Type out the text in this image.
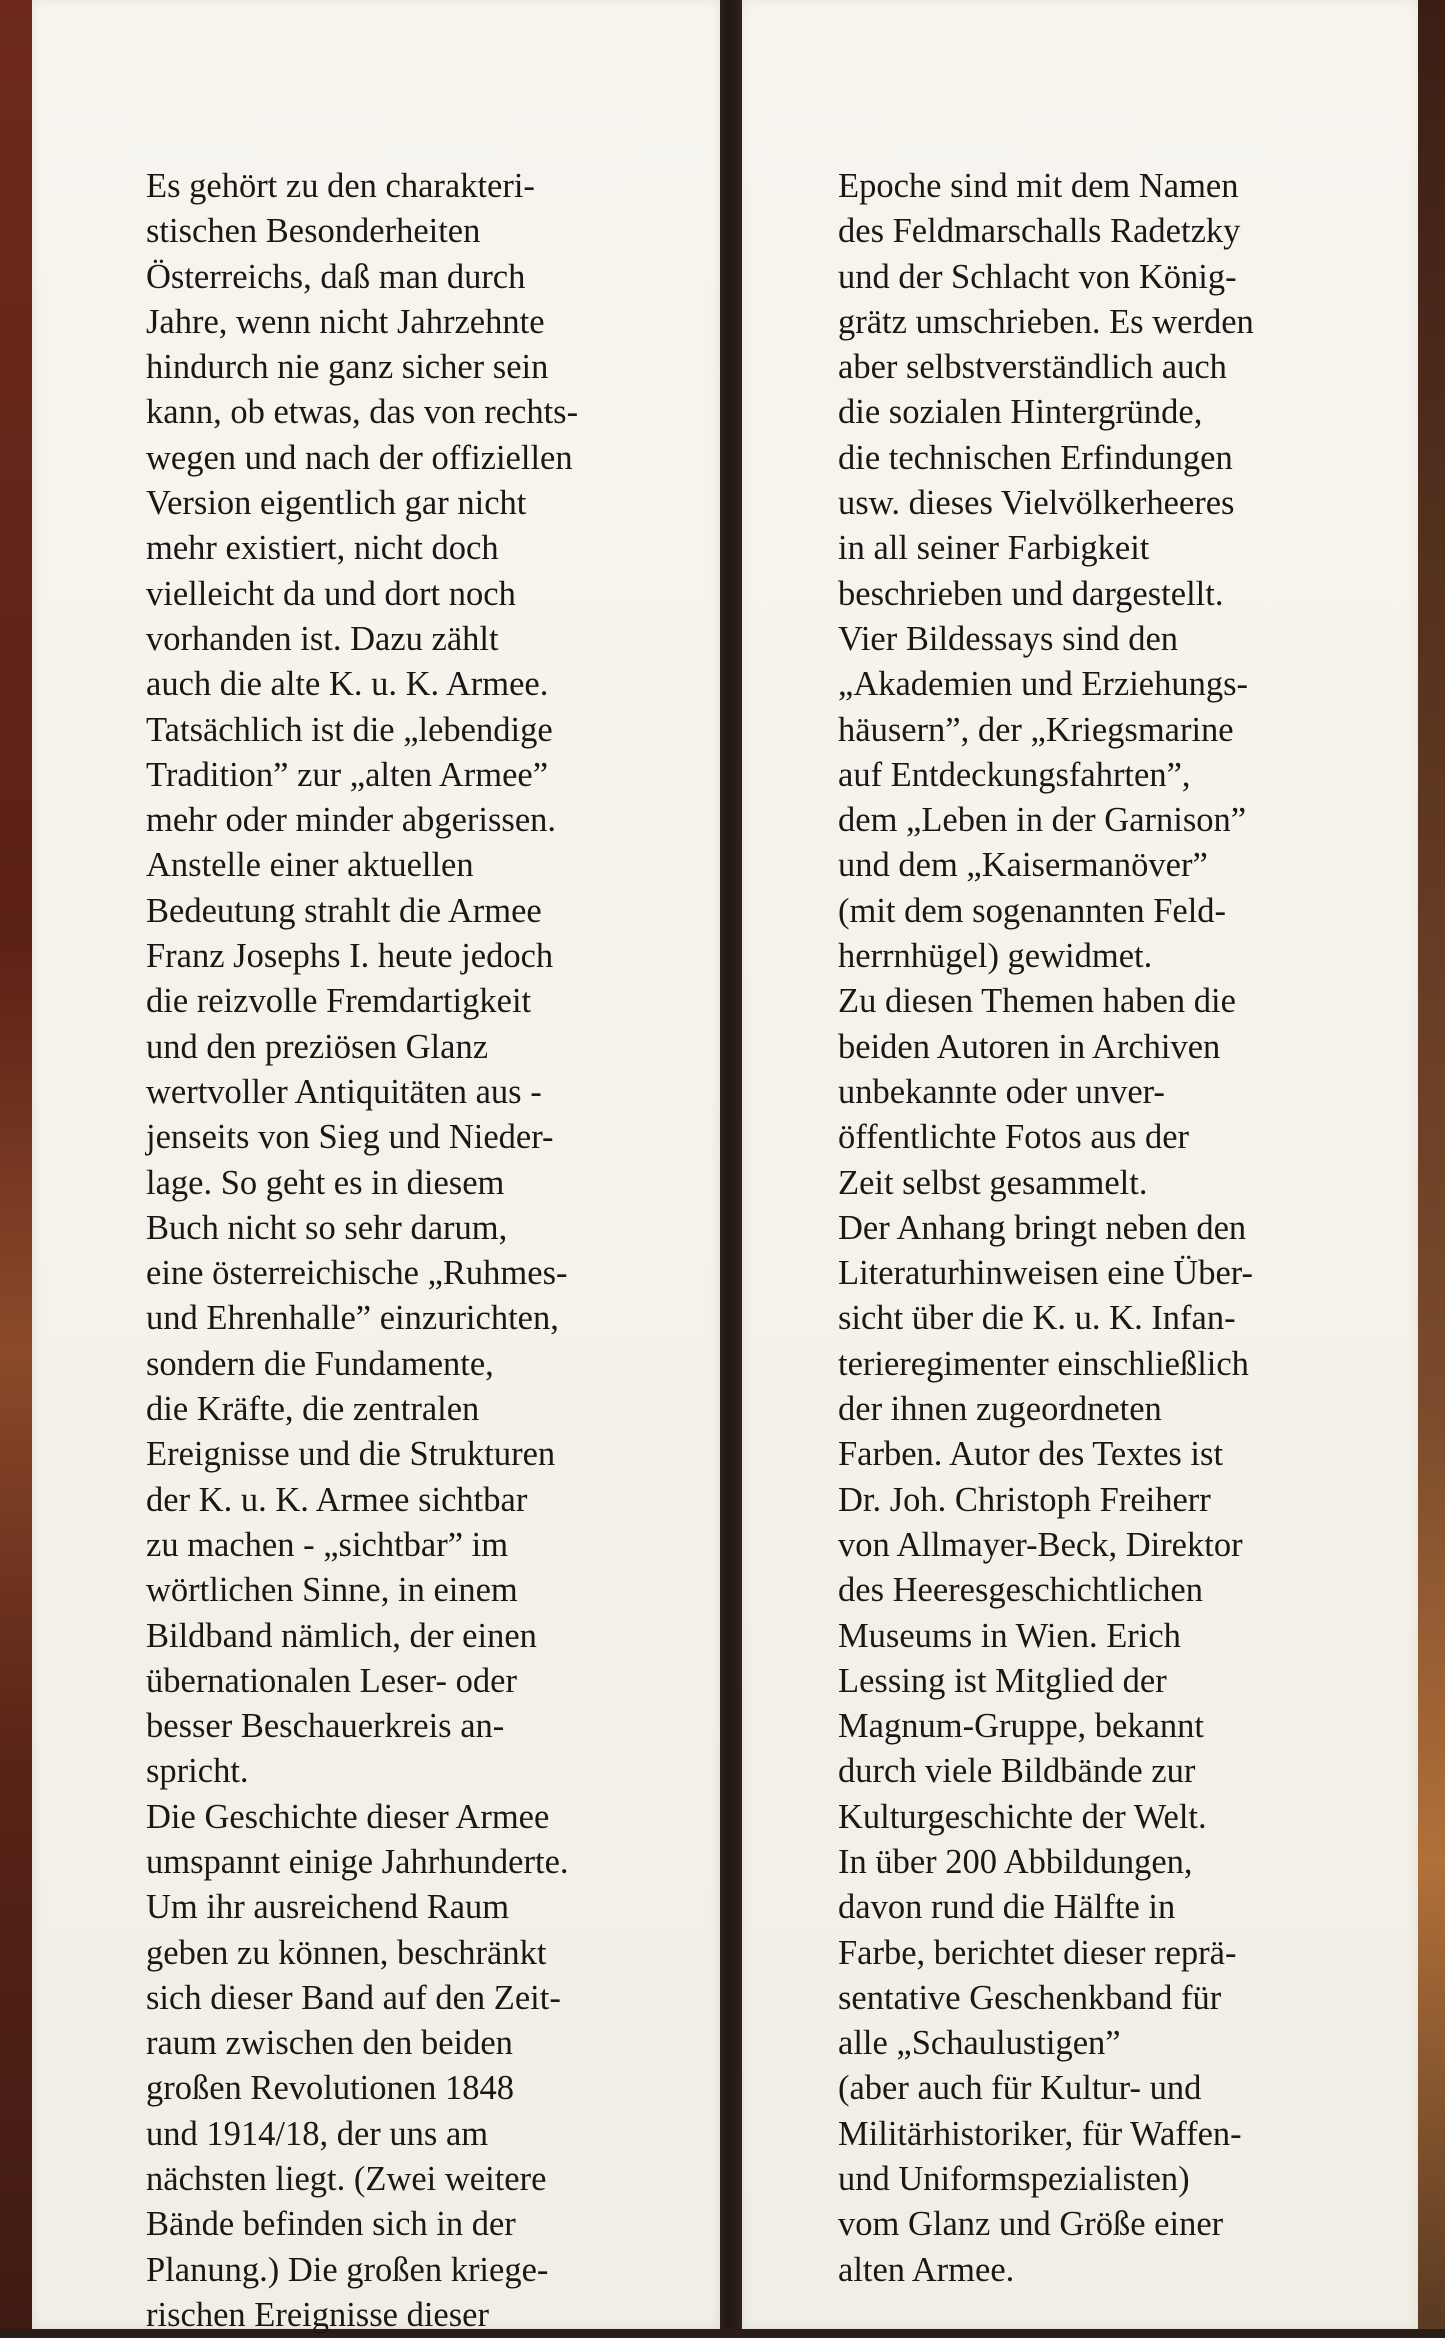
Es gehört zu den charakteri-
stischen Besonderheiten
Österreichs, daß man durch
Jahre, wenn nicht Jahrzehnte
hindurch nie ganz sicher sein
kann, ob etwas, das von rechts-
wegen und nach der offiziellen
Version eigentlich gar nicht
mehr existiert, nicht doch
vielleicht da und dort noch
vorhanden ist. Dazu zählt
auch die alte K. u. K. Armee.
Tatsächlich ist die „lebendige
Tradition” zur „alten Armee”
mehr oder minder abgerissen.
Anstelle einer aktuellen
Bedeutung strahlt die Armee
Franz Josephs I. heute jedoch
die reizvolle Fremdartigkeit
und den preziösen Glanz
wertvoller Antiquitäten aus -
jenseits von Sieg und Nieder-
lage. So geht es in diesem
Buch nicht so sehr darum,
eine österreichische „Ruhmes-
und Ehrenhalle” einzurichten,
sondern die Fundamente,
die Kräfte, die zentralen
Ereignisse und die Strukturen
der K. u. K. Armee sichtbar
zu machen - „sichtbar” im
wörtlichen Sinne, in einem
Bildband nämlich, der einen
übernationalen Leser- oder
besser Beschauerkreis an-
spricht.
Die Geschichte dieser Armee
umspannt einige Jahrhunderte.
Um ihr ausreichend Raum
geben zu können, beschränkt
sich dieser Band auf den Zeit-
raum zwischen den beiden
großen Revolutionen 1848
und 1914/18, der uns am
nächsten liegt. (Zwei weitere
Bände befinden sich in der
Planung.) Die großen kriege-
rischen Ereignisse dieser
Epoche sind mit dem Namen
des Feldmarschalls Radetzky
und der Schlacht von König-
grätz umschrieben. Es werden
aber selbstverständlich auch
die sozialen Hintergründe,
die technischen Erfindungen
usw. dieses Vielvölkerheeres
in all seiner Farbigkeit
beschrieben und dargestellt.
Vier Bildessays sind den
„Akademien und Erziehungs-
häusern”, der „Kriegsmarine
auf Entdeckungsfahrten”,
dem „Leben in der Garnison”
und dem „Kaisermanöver”
(mit dem sogenannten Feld-
herrnhügel) gewidmet.
Zu diesen Themen haben die
beiden Autoren in Archiven
unbekannte oder unver-
öffentlichte Fotos aus der
Zeit selbst gesammelt.
Der Anhang bringt neben den
Literaturhinweisen eine Über-
sicht über die K. u. K. Infan-
terieregimenter einschließlich
der ihnen zugeordneten
Farben. Autor des Textes ist
Dr. Joh. Christoph Freiherr
von Allmayer-Beck, Direktor
des Heeresgeschichtlichen
Museums in Wien. Erich
Lessing ist Mitglied der
Magnum-Gruppe, bekannt
durch viele Bildbände zur
Kulturgeschichte der Welt.
In über 200 Abbildungen,
davon rund die Hälfte in
Farbe, berichtet dieser reprä-
sentative Geschenkband für
alle „Schaulustigen”
(aber auch für Kultur- und
Militärhistoriker, für Waffen-
und Uniformspezialisten)
vom Glanz und Größe einer
alten Armee.
